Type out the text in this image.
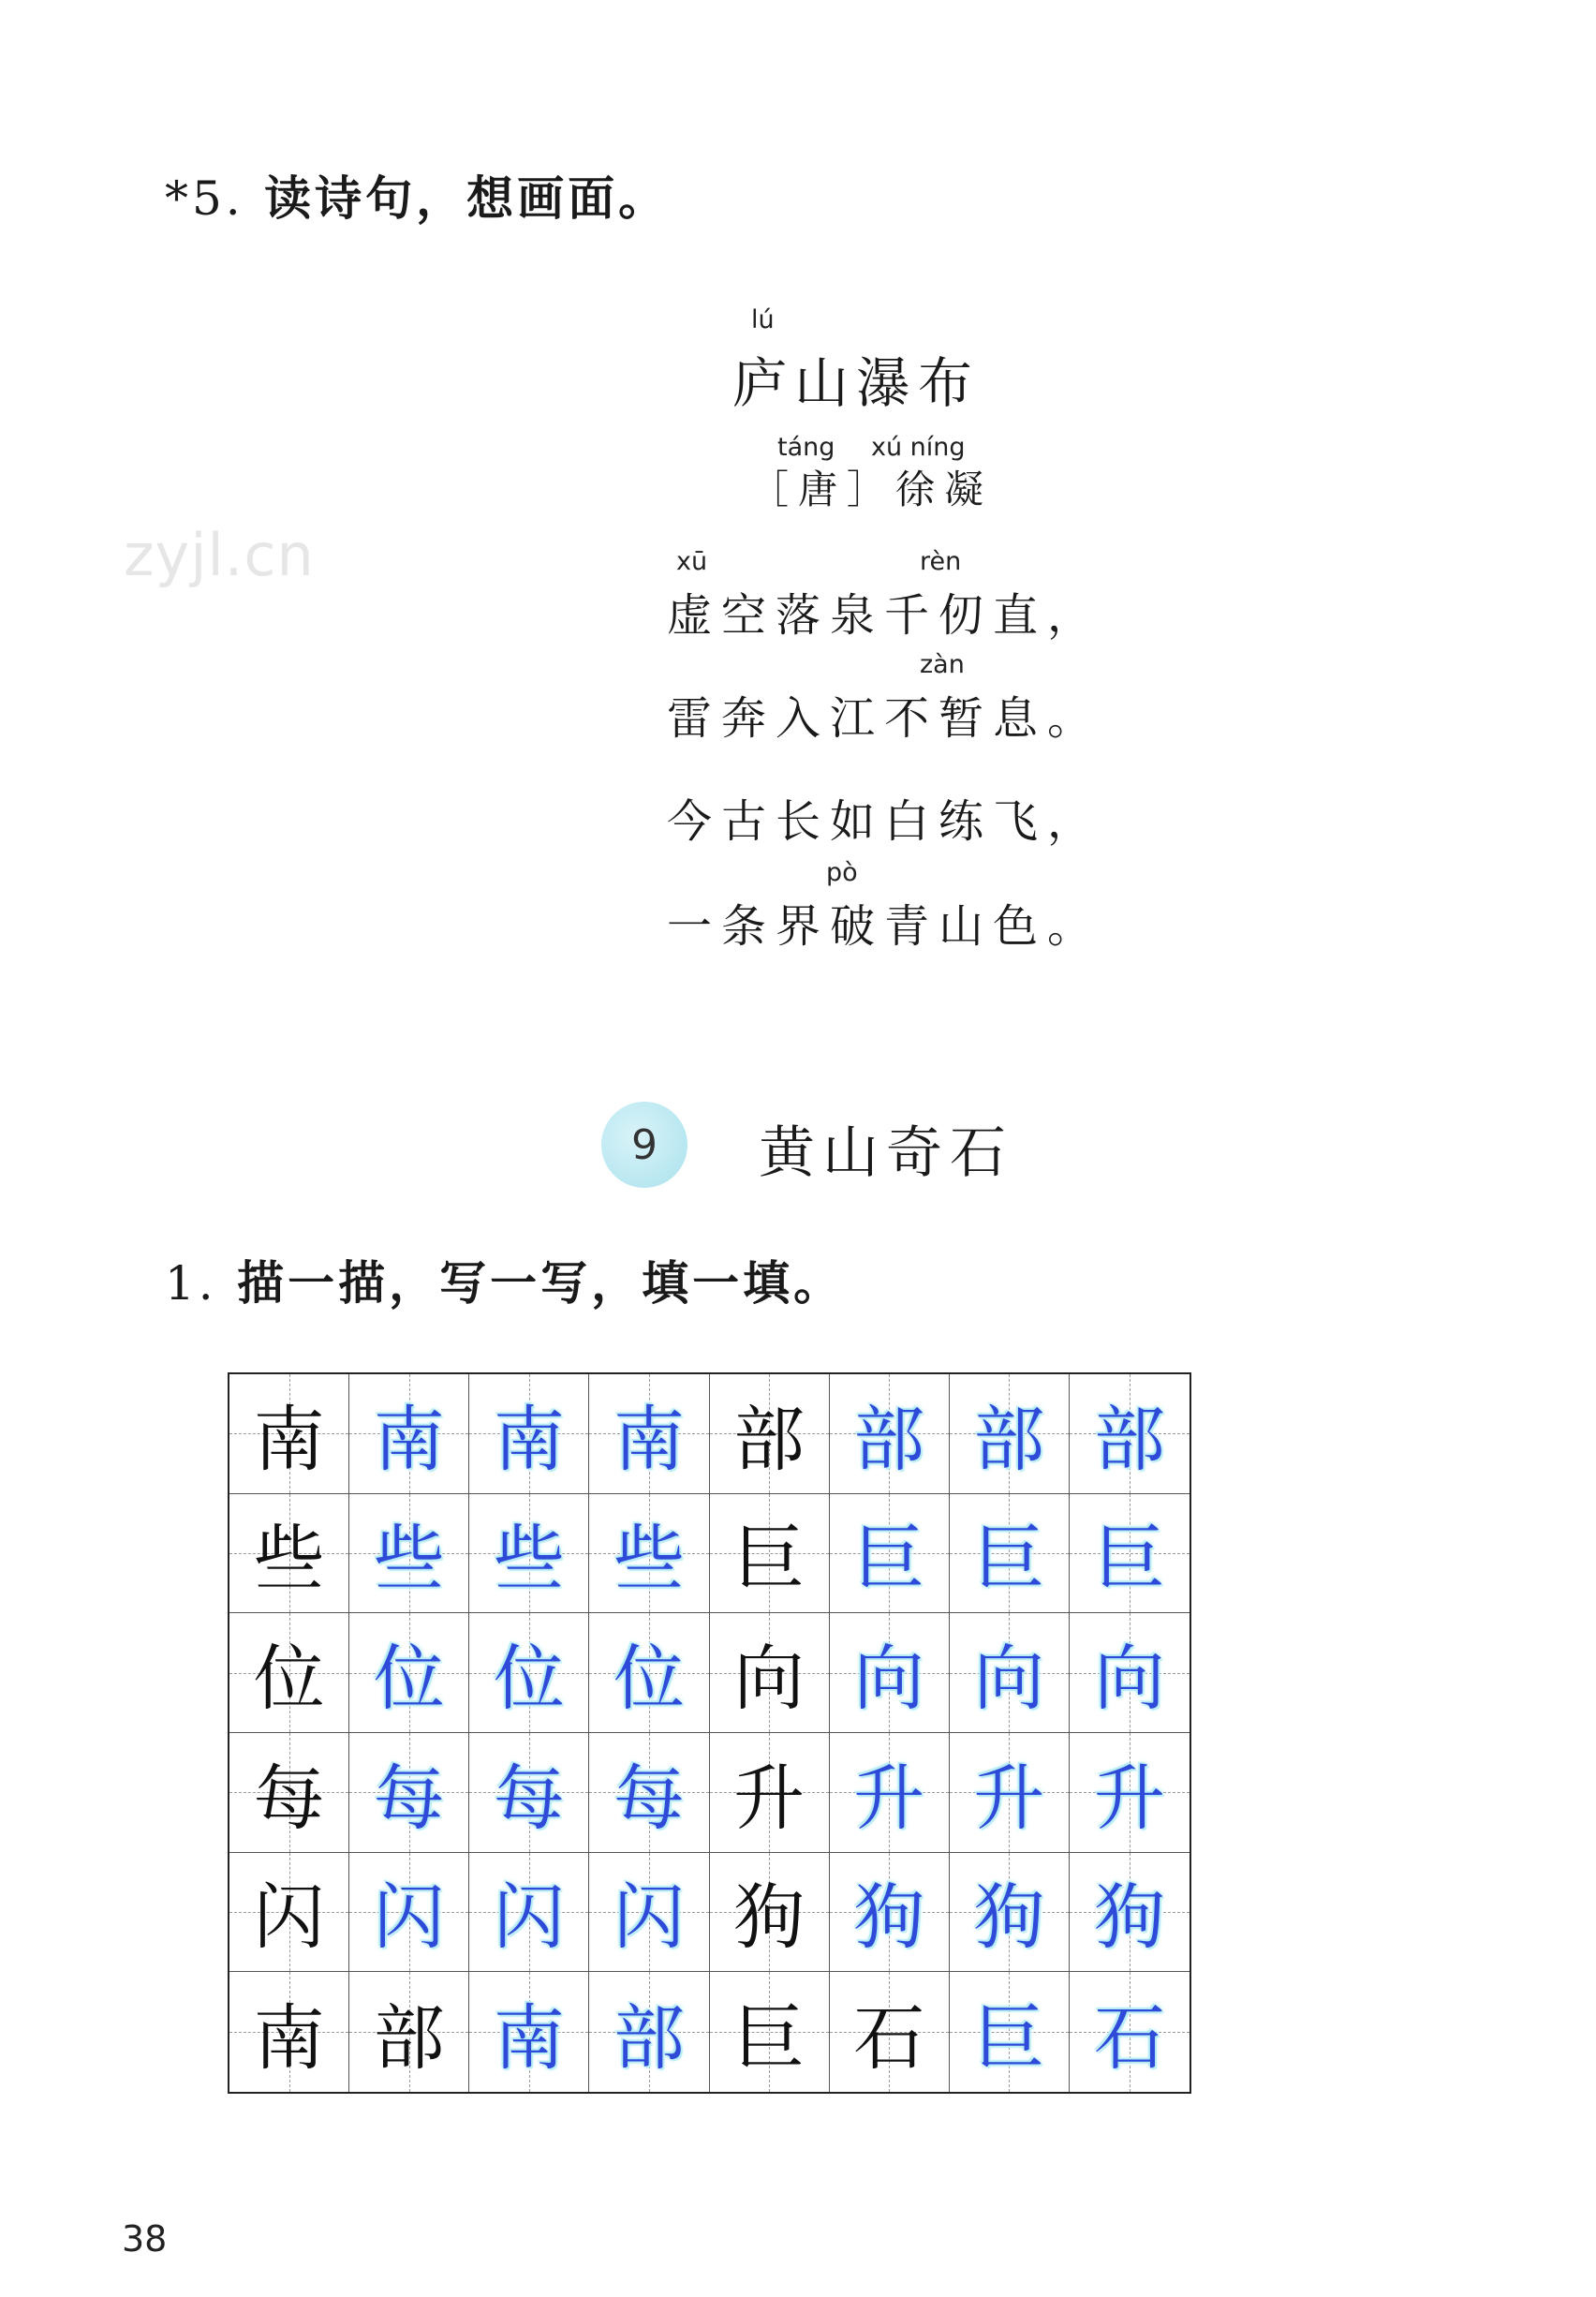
*5. 读诗句，想画面。
zyjl.cn
lú
庐山瀑布
táng xú níng
［唐］徐凝
xū	rèn
虚空落泉千仞直，
zàn
雷奔入江不暂息。
今古长如白练飞，
pò
一条界破青山色。
9 黄山奇石
1. 描一描，写一写，填一填。
南 南 南 南 部 部 部 部
些 些 些 些 巨 巨 巨 巨
位 位 位 位 向 向 向 向
每 每 每 每 升 升 升 升
闪 闪 闪 闪 狗 狗 狗 狗
南 部 南 部 巨 石 巨 石
38
